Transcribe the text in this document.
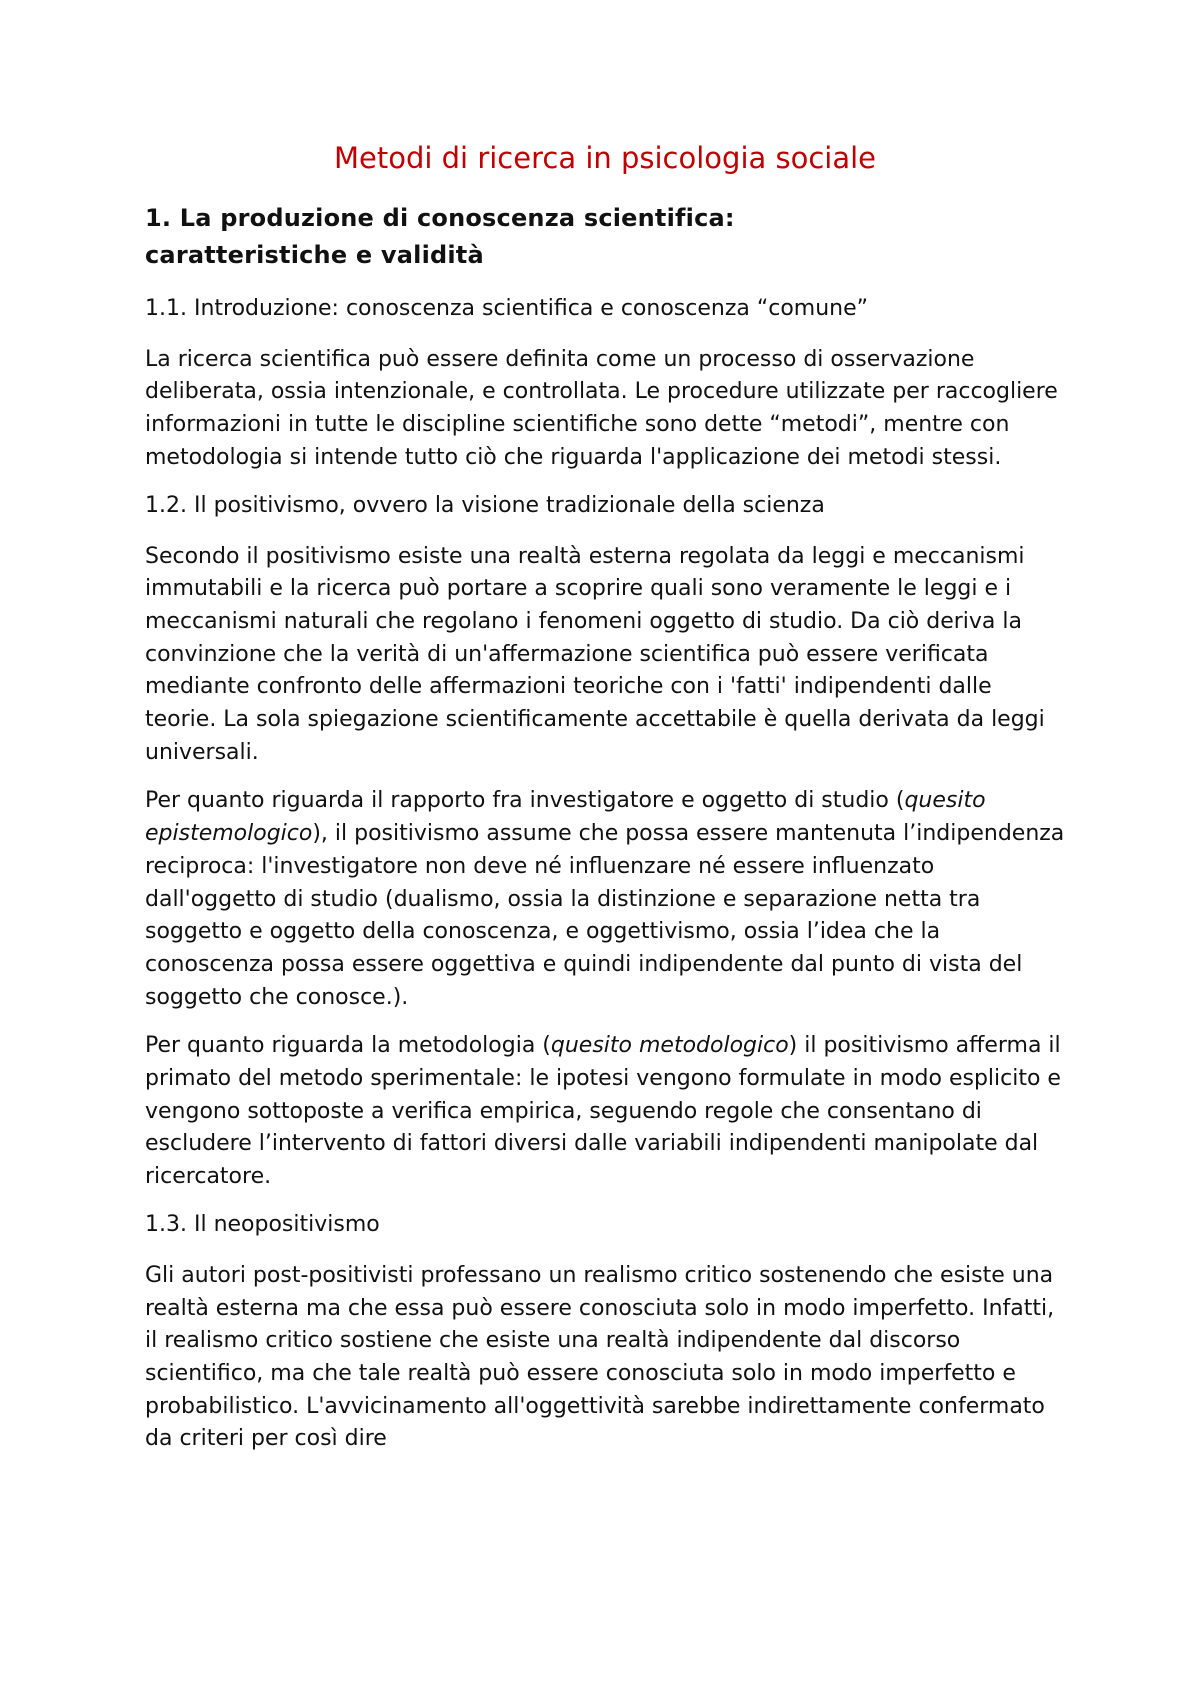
Metodi di ricerca in psicologia sociale
1. La produzione di conoscenza scientifica:
caratteristiche e validità
1.1. Introduzione: conoscenza scientifica e conoscenza “comune”

La ricerca scientifica può essere definita come un processo di osservazione deliberata, ossia intenzionale, e controllata. Le procedure utilizzate per raccogliere informazioni in tutte le discipline scientifiche sono dette “metodi”, mentre con metodologia si intende tutto ciò che riguarda l'applicazione dei metodi stessi.

1.2. Il positivismo, ovvero la visione tradizionale della scienza

Secondo il positivismo esiste una realtà esterna regolata da leggi e meccanismi immutabili e la ricerca può portare a scoprire quali sono veramente le leggi e i meccanismi naturali che regolano i fenomeni oggetto di studio. Da ciò deriva la convinzione che la verità di un'affermazione scientifica può essere verificata mediante confronto delle affermazioni teoriche con i 'fatti' indipendenti dalle teorie. La sola spiegazione scientificamente accettabile è quella derivata da leggi universali.

Per quanto riguarda il rapporto fra investigatore e oggetto di studio (quesito epistemologico), il positivismo assume che possa essere mantenuta l’indipendenza reciproca: l'investigatore non deve né influenzare né essere influenzato dall'oggetto di studio (dualismo, ossia la distinzione e separazione netta tra soggetto e oggetto della conoscenza, e oggettivismo, ossia l’idea che la conoscenza possa essere oggettiva e quindi indipendente dal punto di vista del soggetto che conosce.).

Per quanto riguarda la metodologia (quesito metodologico) il positivismo afferma il primato del metodo sperimentale: le ipotesi vengono formulate in modo esplicito e vengono sottoposte a verifica empirica, seguendo regole che consentano di escludere l’intervento di fattori diversi dalle variabili indipendenti manipolate dal ricercatore.

1.3. Il neopositivismo

Gli autori post-positivisti professano un realismo critico sostenendo che esiste una realtà esterna ma che essa può essere conosciuta solo in modo imperfetto. Infatti, il realismo critico sostiene che esiste una realtà indipendente dal discorso scientifico, ma che tale realtà può essere conosciuta solo in modo imperfetto e probabilistico. L'avvicinamento all'oggettività sarebbe indirettamente confermato da criteri per così dire
